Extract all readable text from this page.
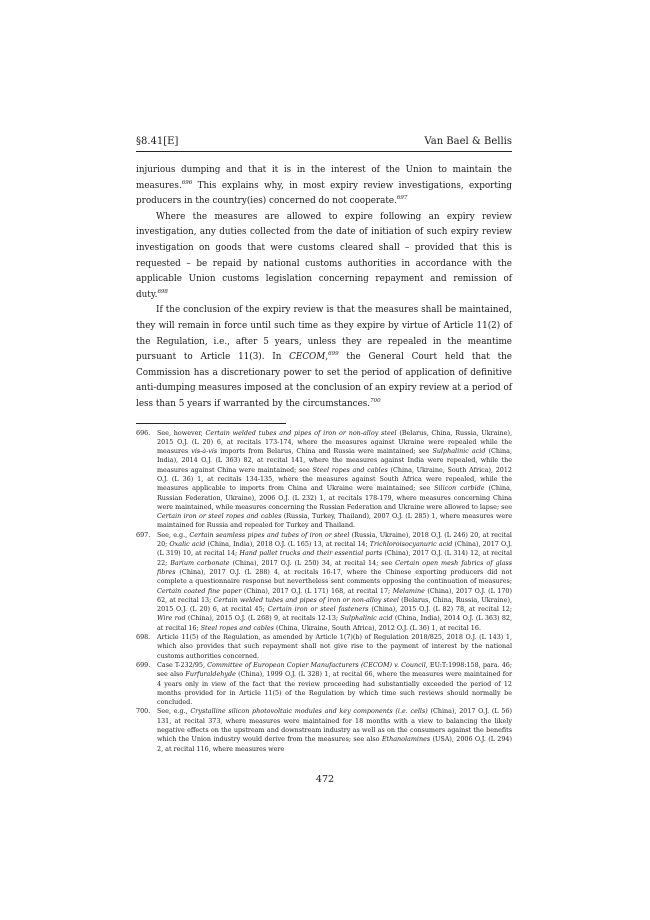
§8.41[E]	Van Bael & Bellis

injurious dumping and that it is in the interest of the Union to maintain the measures.$^{696}$ This explains why, in most expiry review investigations, exporting producers in the country(ies) concerned do not cooperate.$^{697}$

Where the measures are allowed to expire following an expiry review investigation, any duties collected from the date of initiation of such expiry review investigation on goods that were customs cleared shall – provided that this is requested – be repaid by national customs authorities in accordance with the applicable Union customs legislation concerning repayment and remission of duty.$^{698}$

If the conclusion of the expiry review is that the measures shall be maintained, they will remain in force until such time as they expire by virtue of Article 11(2) of the Regulation, i.e., after 5 years, unless they are repealed in the meantime pursuant to Article 11(3). In CECOM,$^{699}$ the General Court held that the Commission has a discretionary power to set the period of application of definitive anti-dumping measures imposed at the conclusion of an expiry review at a period of less than 5 years if warranted by the circumstances.$^{700}$

696.	See, however, Certain welded tubes and pipes of iron or non-alloy steel (Belarus, China, Russia, Ukraine), 2015 O.J. (L 20) 6, at recitals 173-174, where the measures against Ukraine were repealed while the measures vis-à-vis imports from Belarus, China and Russia were maintained; see Sulphalinic acid (China, India), 2014 O.J. (L 363) 82, at recital 141, where the measures against India were repealed, while the measures against China were maintained; see Steel ropes and cables (China, Ukraine, South Africa), 2012 O.J. (L 36) 1, at recitals 134-135, where the measures against South Africa were repealed, while the measures applicable to imports from China and Ukraine were maintained; see Silicon carbide (China, Russian Federation, Ukraine), 2006 O.J. (L 232) 1, at recitals 178-179, where measures concerning China were maintained, while measures concerning the Russian Federation and Ukraine were allowed to lapse; see Certain iron or steel ropes and cables (Russia, Turkey, Thailand), 2007 O.J. (L 285) 1, where measures were maintained for Russia and repealed for Turkey and Thailand.
697.	See, e.g., Certain seamless pipes and tubes of iron or steel (Russia, Ukraine), 2018 O.J. (L 246) 20, at recital 20; Oxalic acid (China, India), 2018 O.J. (L 165) 13, at recital 14; Trichloroisocyanuric acid (China), 2017 O.J. (L 319) 10, at recital 14; Hand pallet trucks and their essential parts (China), 2017 O.J. (L 314) 12, at recital 22; Barium carbonate (China), 2017 O.J. (L 250) 34, at recital 14; see Certain open mesh fabrics of glass fibres (China), 2017 O.J. (L 288) 4, at recitals 16-17, where the Chinese exporting producers did not complete a questionnaire response but nevertheless sent comments opposing the continuation of measures; Certain coated fine paper (China), 2017 O.J. (L 171) 168, at recital 17; Melamine (China), 2017 O.J. (L 170) 62, at recital 13; Certain welded tubes and pipes of iron or non-alloy steel (Belarus, China, Russia, Ukraine), 2015 O.J. (L 20) 6, at recital 45; Certain iron or steel fasteners (China), 2015 O.J. (L 82) 78, at recital 12; Wire rod (China), 2015 O.J. (L 268) 9, at recitals 12-13; Sulphalinic acid (China, India), 2014 O.J. (L 363) 82, at recital 16; Steel ropes and cables (China, Ukraine, South Africa), 2012 O.J. (L 36) 1, at recital 16.
698.	Article 11(5) of the Regulation, as amended by Article 1(7)(b) of Regulation 2018/825, 2018 O.J. (L 143) 1, which also provides that such repayment shall not give rise to the payment of interest by the national customs authorities concerned.
699.	Case T-232/95, Committee of European Copier Manufacturers (CECOM) v. Council, EU:T:1998:158, para. 46; see also Furfuraldehyde (China), 1999 O.J. (L 328) 1, at recital 66, where the measures were maintained for 4 years only in view of the fact that the review proceeding had substantially exceeded the period of 12 months provided for in Article 11(5) of the Regulation by which time such reviews should normally be concluded.
700.	See, e.g., Crystalline silicon photovoltaic modules and key components (i.e. cells) (China), 2017 O.J. (L 56) 131, at recital 373, where measures were maintained for 18 months with a view to balancing the likely negative effects on the upstream and downstream industry as well as on the consumers against the benefits which the Union industry would derive from the measures; see also Ethanolamines (USA), 2006 O.J. (L 294) 2, at recital 116, where measures were
472
